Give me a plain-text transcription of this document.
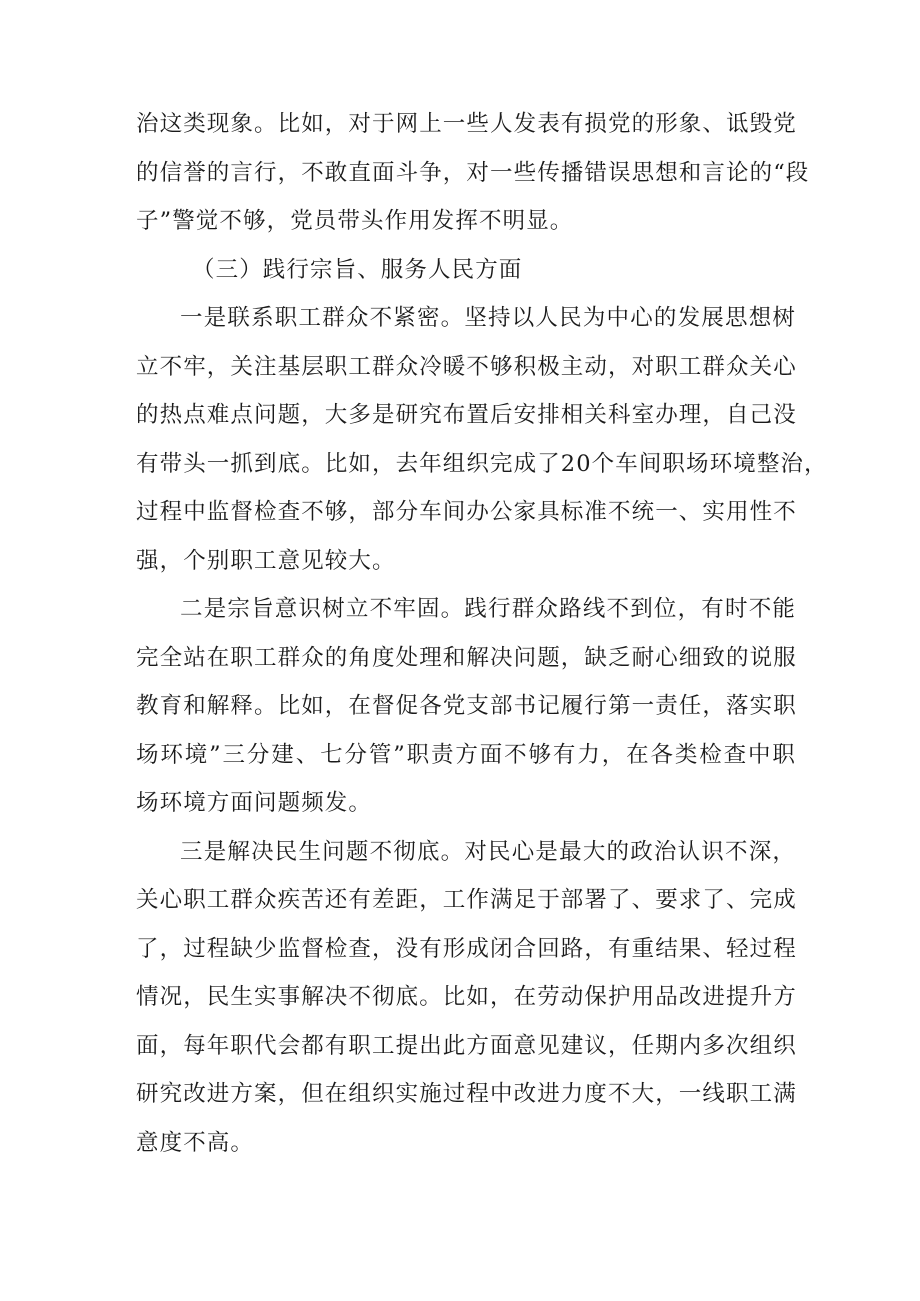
治这类现象。比如，对于网上一些人发表有损党的形象、诋毁党
的信誉的言行，不敢直面斗争，对一些传播错误思想和言论的“段
子”警觉不够，党员带头作用发挥不明显。
（三）践行宗旨、服务人民方面
一是联系职工群众不紧密。坚持以人民为中心的发展思想树
立不牢，关注基层职工群众冷暖不够积极主动，对职工群众关心
的热点难点问题，大多是研究布置后安排相关科室办理，自己没
有带头一抓到底。比如，去年组织完成了20个车间职场环境整治，
过程中监督检查不够，部分车间办公家具标准不统一、实用性不
强，个别职工意见较大。
二是宗旨意识树立不牢固。践行群众路线不到位，有时不能
完全站在职工群众的角度处理和解决问题，缺乏耐心细致的说服
教育和解释。比如，在督促各党支部书记履行第一责任，落实职
场环境”三分建、七分管”职责方面不够有力，在各类检查中职
场环境方面问题频发。
三是解决民生问题不彻底。对民心是最大的政治认识不深，
关心职工群众疾苦还有差距，工作满足于部署了、要求了、完成
了，过程缺少监督检查，没有形成闭合回路，有重结果、轻过程
情况，民生实事解决不彻底。比如，在劳动保护用品改进提升方
面，每年职代会都有职工提出此方面意见建议，任期内多次组织
研究改进方案，但在组织实施过程中改进力度不大，一线职工满
意度不高。
